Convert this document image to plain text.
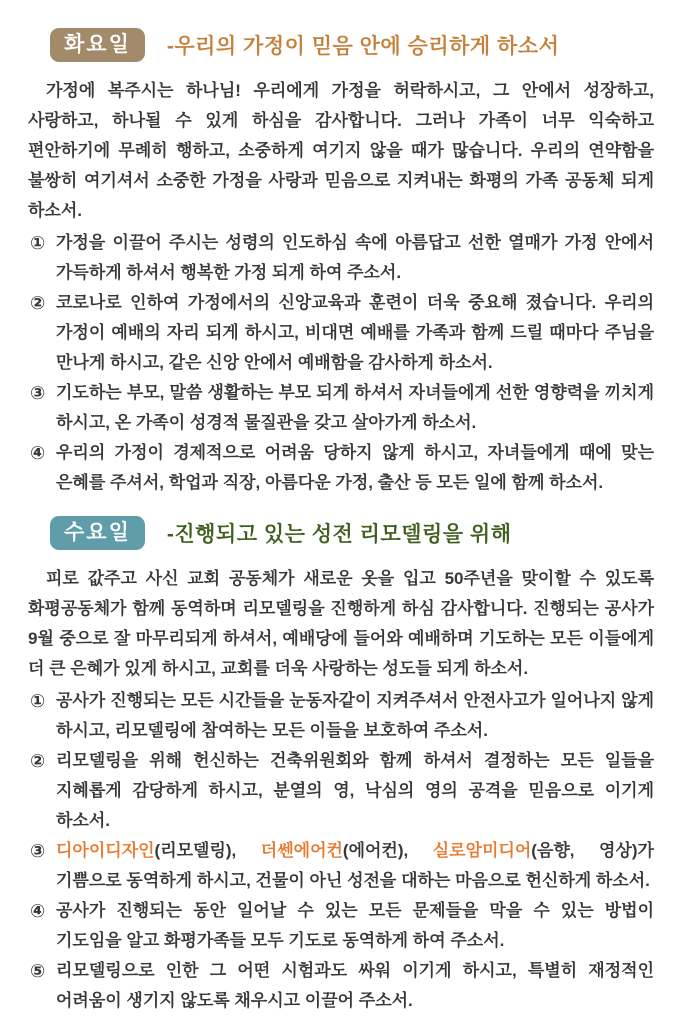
화요일	-우리의 가정이 믿음 안에 승리하게 하소서

가정에 복주시는 하나님! 우리에게 가정을 허락하시고, 그 안에서 성장하고, 사랑하고, 하나될 수 있게 하심을 감사합니다. 그러나 가족이 너무 익숙하고 편안하기에 무례히 행하고, 소중하게 여기지 않을 때가 많습니다. 우리의 연약함을 불쌍히 여기셔서 소중한 가정을 사랑과 믿음으로 지켜내는 화평의 가족 공동체 되게 하소서.

① 가정을 이끌어 주시는 성령의 인도하심 속에 아름답고 선한 열매가 가정 안에서 가득하게 하셔서 행복한 가정 되게 하여 주소서.
② 코로나로 인하여 가정에서의 신앙교육과 훈련이 더욱 중요해 졌습니다. 우리의 가정이 예배의 자리 되게 하시고, 비대면 예배를 가족과 함께 드릴 때마다 주님을 만나게 하시고, 같은 신앙 안에서 예배함을 감사하게 하소서.
③ 기도하는 부모, 말씀 생활하는 부모 되게 하셔서 자녀들에게 선한 영향력을 끼치게 하시고, 온 가족이 성경적 물질관을 갖고 살아가게 하소서.
④ 우리의 가정이 경제적으로 어려움 당하지 않게 하시고, 자녀들에게 때에 맞는 은혜를 주셔서, 학업과 직장, 아름다운 가정, 출산 등 모든 일에 함께 하소서.
수요일	-진행되고 있는 성전 리모델링을 위해

피로 값주고 사신 교회 공동체가 새로운 옷을 입고 50주년을 맞이할 수 있도록 화평공동체가 함께 동역하며 리모델링을 진행하게 하심 감사합니다. 진행되는 공사가 9월 중으로 잘 마무리되게 하셔서, 예배당에 들어와 예배하며 기도하는 모든 이들에게 더 큰 은혜가 있게 하시고, 교회를 더욱 사랑하는 성도들 되게 하소서.

① 공사가 진행되는 모든 시간들을 눈동자같이 지켜주셔서 안전사고가 일어나지 않게 하시고, 리모델링에 참여하는 모든 이들을 보호하여 주소서.
② 리모델링을 위해 헌신하는 건축위원회와 함께 하셔서 결정하는 모든 일들을 지혜롭게 감당하게 하시고, 분열의 영, 낙심의 영의 공격을 믿음으로 이기게 하소서.
③ 디아이디자인(리모델링), 더쎈에어컨(에어컨), 실로암미디어(음향, 영상)가 기쁨으로 동역하게 하시고, 건물이 아닌 성전을 대하는 마음으로 헌신하게 하소서.
④ 공사가 진행되는 동안 일어날 수 있는 모든 문제들을 막을 수 있는 방법이 기도임을 알고 화평가족들 모두 기도로 동역하게 하여 주소서.
⑤ 리모델링으로 인한 그 어떤 시험과도 싸워 이기게 하시고, 특별히 재정적인 어려움이 생기지 않도록 채우시고 이끌어 주소서.
